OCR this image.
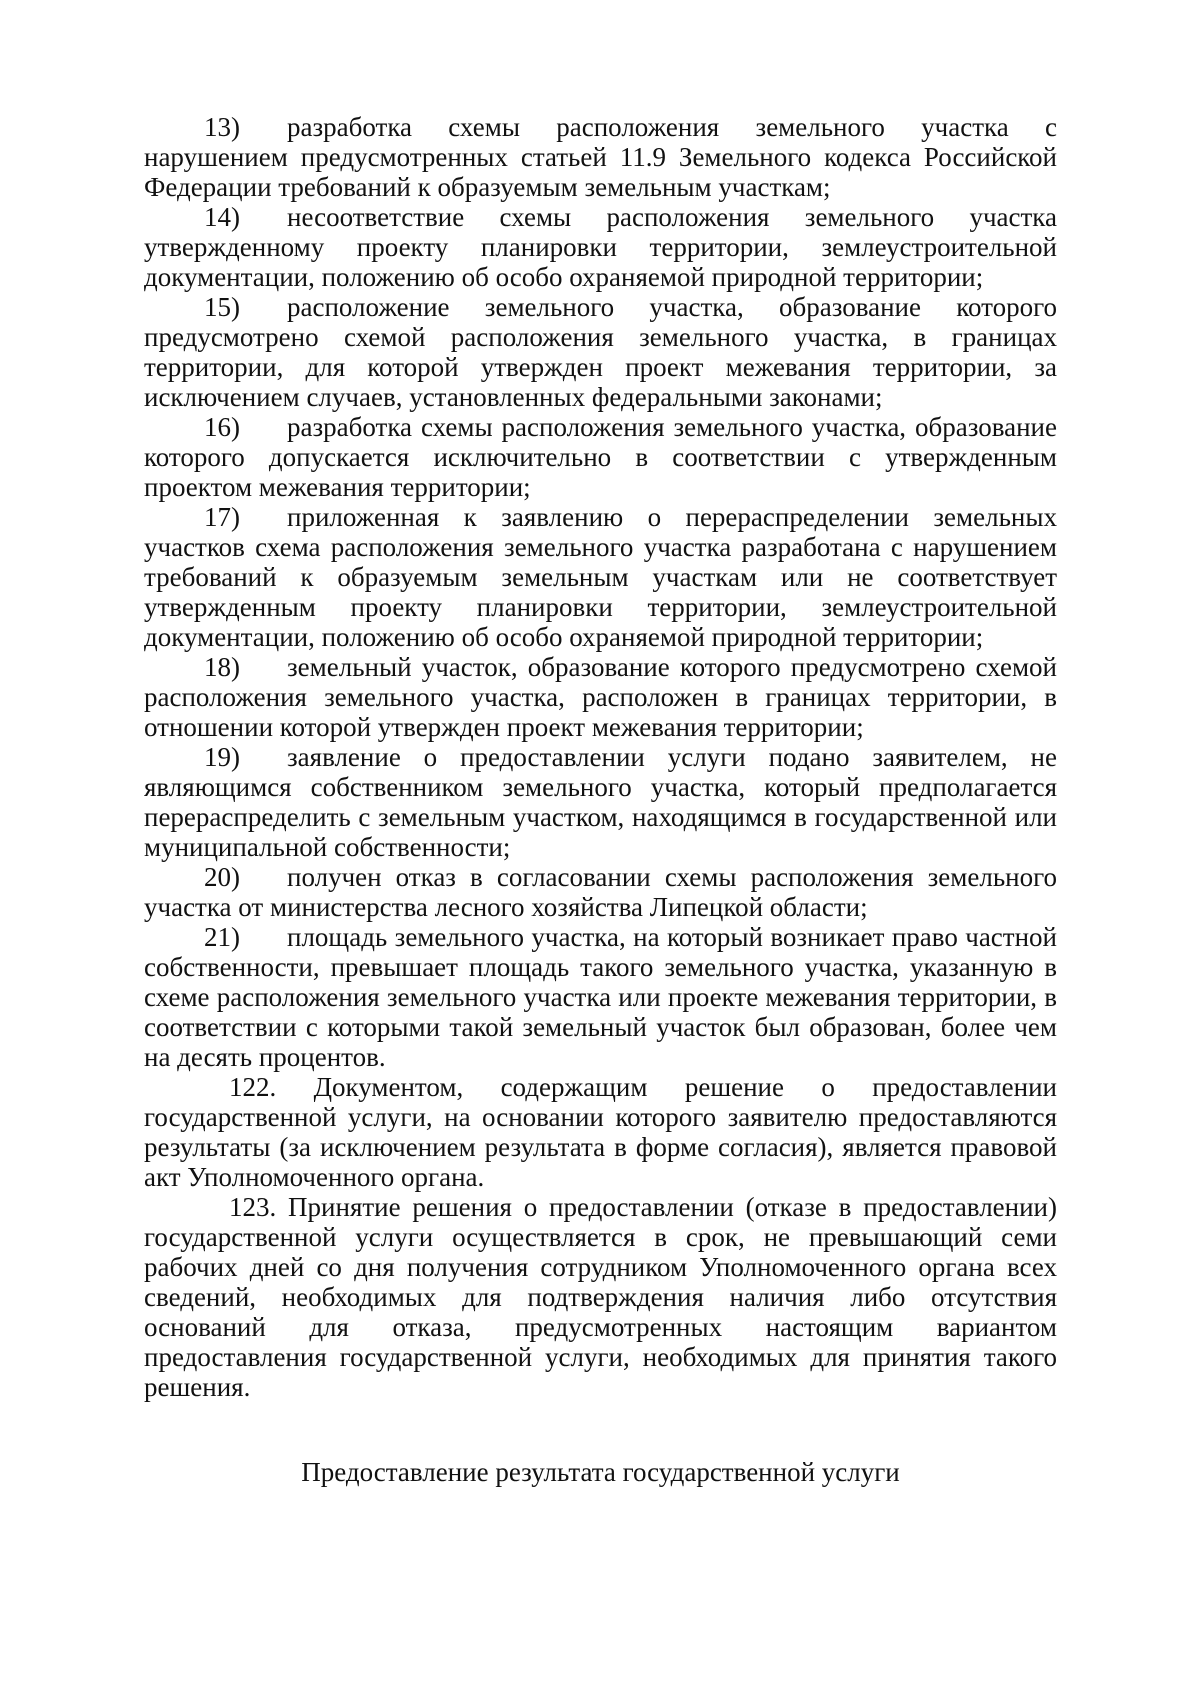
13) разработка схемы расположения земельного участка с нарушением предусмотренных статьей 11.9 Земельного кодекса Российской Федерации требований к образуемым земельным участкам;

14) несоответствие схемы расположения земельного участка утвержденному проекту планировки территории, землеустроительной документации, положению об особо охраняемой природной территории;

15) расположение земельного участка, образование которого предусмотрено схемой расположения земельного участка, в границах территории, для которой утвержден проект межевания территории, за исключением случаев, установленных федеральными законами;

16) разработка схемы расположения земельного участка, образование которого допускается исключительно в соответствии с утвержденным проектом межевания территории;

17) приложенная к заявлению о перераспределении земельных участков схема расположения земельного участка разработана с нарушением требований к образуемым земельным участкам или не соответствует утвержденным проекту планировки территории, землеустроительной документации, положению об особо охраняемой природной территории;

18) земельный участок, образование которого предусмотрено схемой расположения земельного участка, расположен в границах территории, в отношении которой утвержден проект межевания территории;

19) заявление о предоставлении услуги подано заявителем, не являющимся собственником земельного участка, который предполагается перераспределить с земельным участком, находящимся в государственной или муниципальной собственности;

20) получен отказ в согласовании схемы расположения земельного участка от министерства лесного хозяйства Липецкой области;

21) площадь земельного участка, на который возникает право частной собственности, превышает площадь такого земельного участка, указанную в схеме расположения земельного участка или проекте межевания территории, в соответствии с которыми такой земельный участок был образован, более чем на десять процентов.

122. Документом, содержащим решение о предоставлении государственной услуги, на основании которого заявителю предоставляются результаты (за исключением результата в форме согласия), является правовой акт Уполномоченного органа.

123. Принятие решения о предоставлении (отказе в предоставлении) государственной услуги осуществляется в срок, не превышающий семи рабочих дней со дня получения сотрудником Уполномоченного органа всех сведений, необходимых для подтверждения наличия либо отсутствия оснований для отказа, предусмотренных настоящим вариантом предоставления государственной услуги, необходимых для принятия такого решения.

Предоставление результата государственной услуги
